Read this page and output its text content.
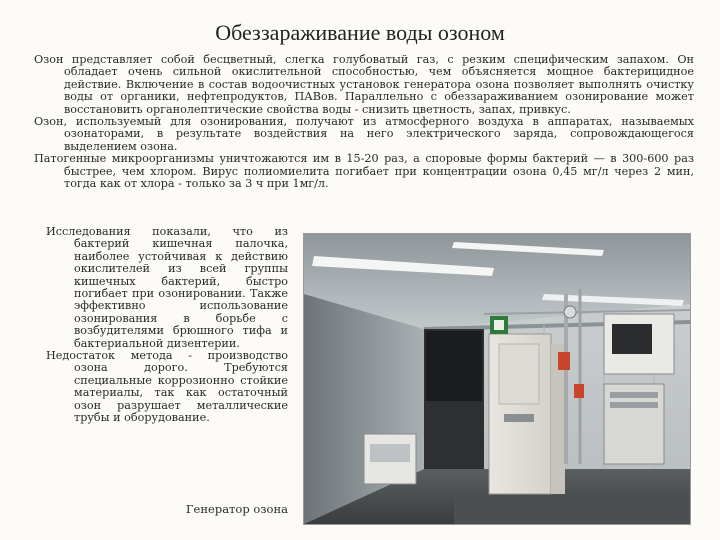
Обеззараживание воды озоном

Озон представляет собой бесцветный, слегка голубоватый газ, с резким специфическим запахом. Он обладает очень сильной окислительной способностью, чем объясняется мощное бактерицидное действие. Включение в состав водоочистных установок генератора озона позволяет выполнять очистку воды от органики, нефтепродуктов, ПАВов. Параллельно с обеззараживанием озонирование может восстановить органолептические свойства воды - снизить цветность, запах, привкус.

Озон, используемый для озонирования, получают из атмосферного воздуха в аппаратах, называемых озонаторами, в результате воздействия на него электрического заряда, сопровождающегося выделением озона.

Патогенные микроорганизмы уничтожаются им в 15-20 раз, а споровые формы бактерий — в 300-600 раз быстрее, чем хлором. Вирус полиомиелита погибает при концентрации озона 0,45 мг/л через 2 мин, тогда как от хлора - только за 3 ч при 1мг/л.

Исследования показали, что из бактерий кишечная палочка, наиболее устойчивая к действию окислителей из всей группы кишечных бактерий, быстро погибает при озонировании. Также эффективно использование озонирования в борьбе с возбудителями брюшного тифа и бактериальной дизентерии.

Недостаток метода - производство озона дорого. Требуются специальные коррозионно стойкие материалы, так как остаточный озон разрушает металлические трубы и оборудование.

Генератор озона
